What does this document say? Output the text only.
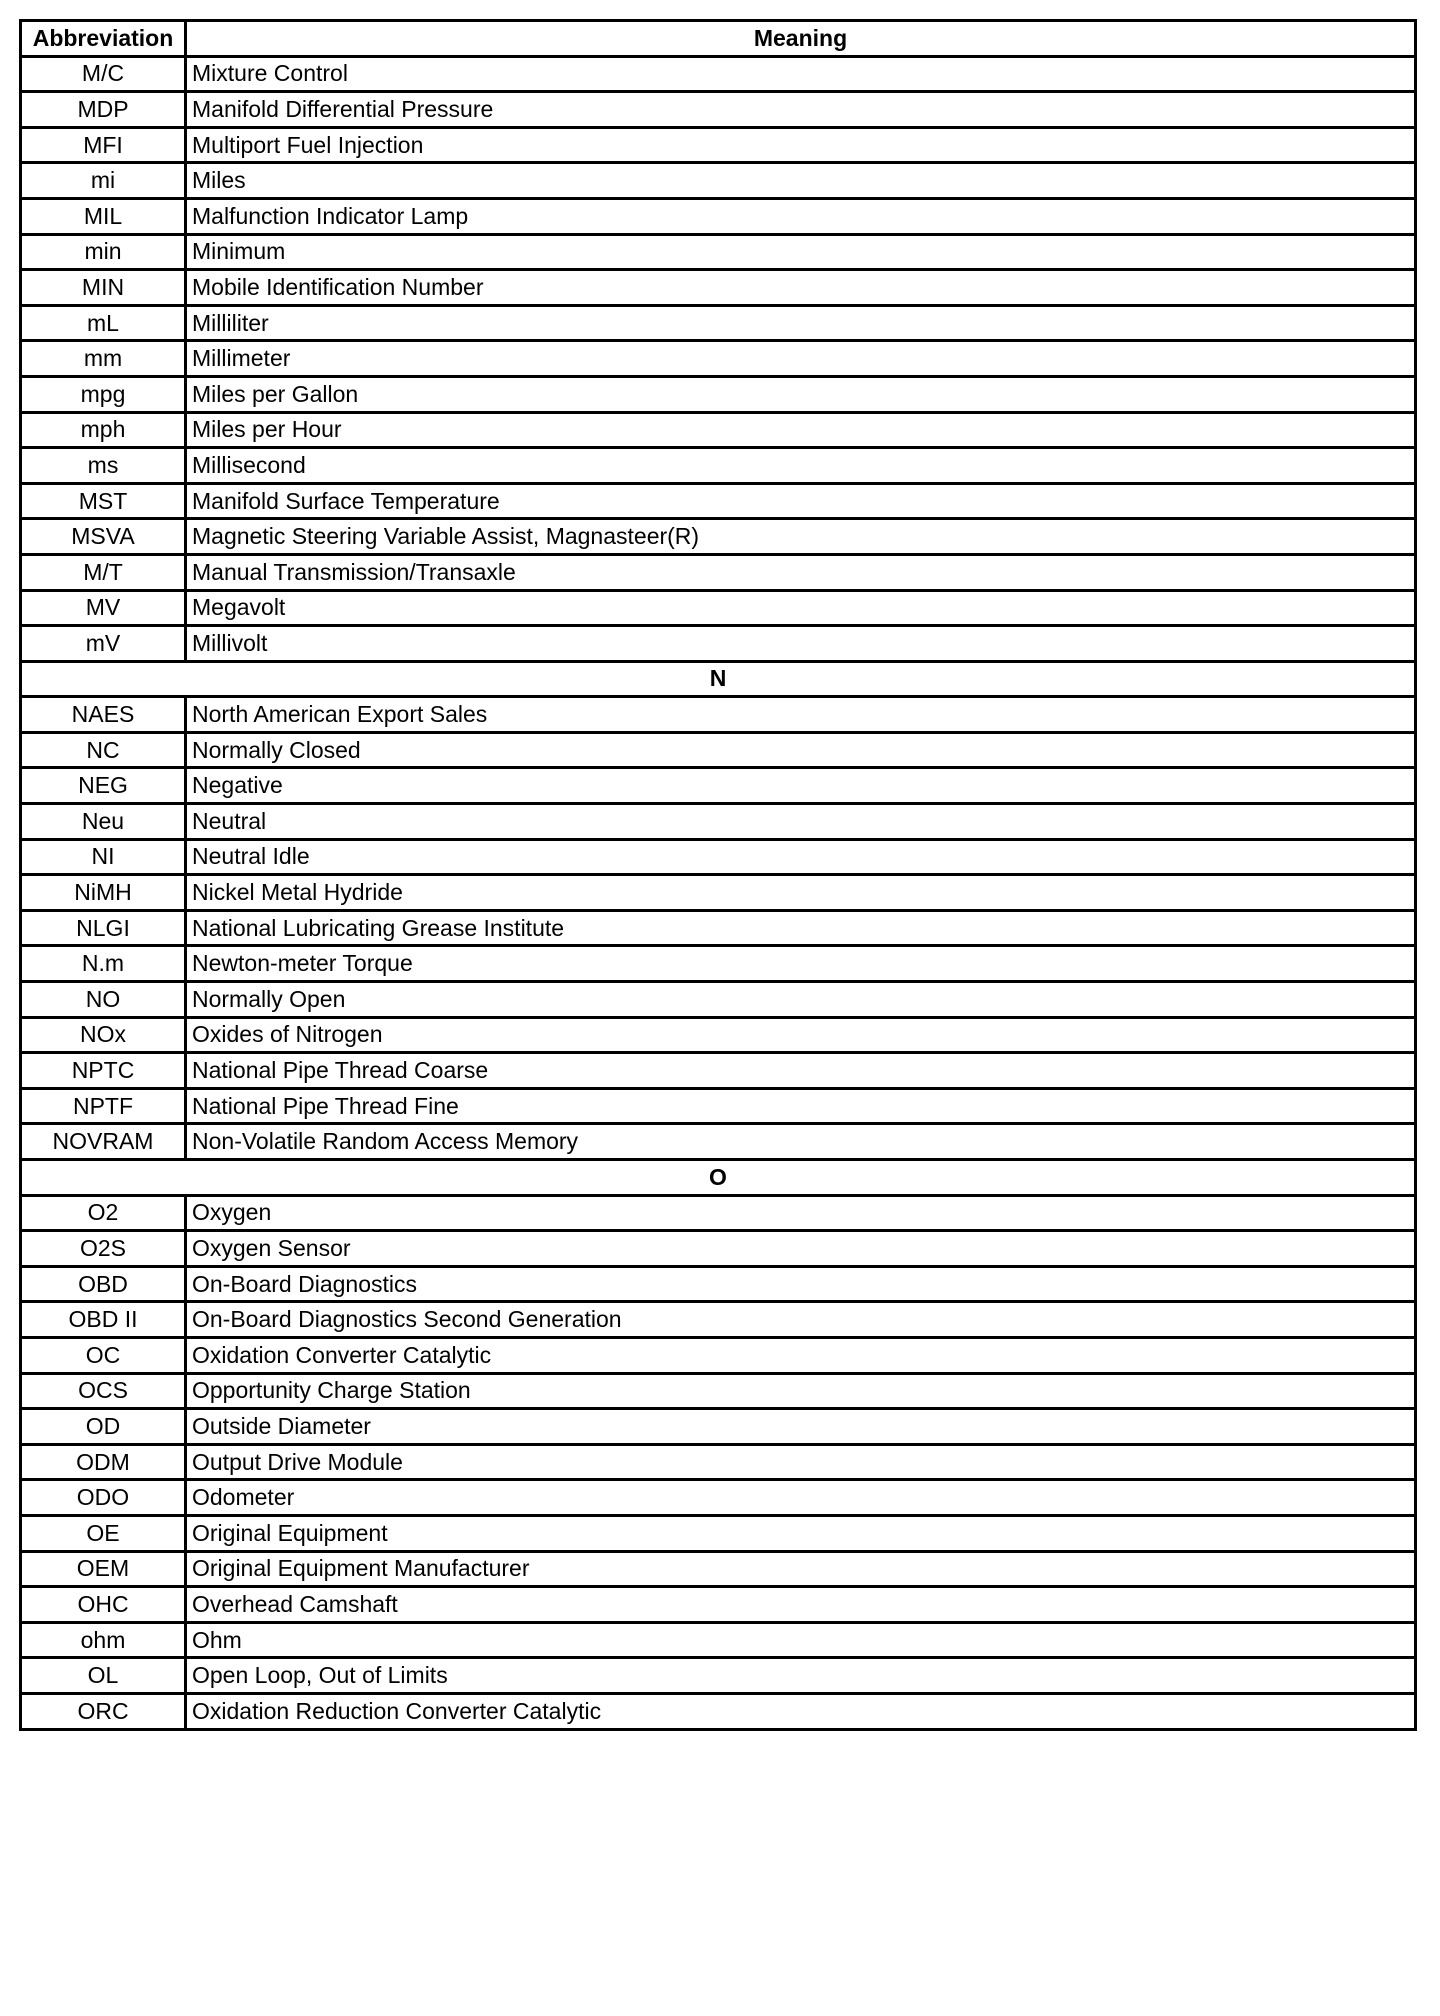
Abbreviation	Meaning
M/C	Mixture Control
MDP	Manifold Differential Pressure
MFI	Multiport Fuel Injection
mi	Miles
MIL	Malfunction Indicator Lamp
min	Minimum
MIN	Mobile Identification Number
mL	Milliliter
mm	Millimeter
mpg	Miles per Gallon
mph	Miles per Hour
ms	Millisecond
MST	Manifold Surface Temperature
MSVA	Magnetic Steering Variable Assist, Magnasteer(R)
M/T	Manual Transmission/Transaxle
MV	Megavolt
mV	Millivolt
N	
NAES	North American Export Sales
NC	Normally Closed
NEG	Negative
Neu	Neutral
NI	Neutral Idle
NiMH	Nickel Metal Hydride
NLGI	National Lubricating Grease Institute
N.m	Newton-meter Torque
NO	Normally Open
NOx	Oxides of Nitrogen
NPTC	National Pipe Thread Coarse
NPTF	National Pipe Thread Fine
NOVRAM	Non-Volatile Random Access Memory
O	
O2	Oxygen
O2S	Oxygen Sensor
OBD	On-Board Diagnostics
OBD II	On-Board Diagnostics Second Generation
OC	Oxidation Converter Catalytic
OCS	Opportunity Charge Station
OD	Outside Diameter
ODM	Output Drive Module
ODO	Odometer
OE	Original Equipment
OEM	Original Equipment Manufacturer
OHC	Overhead Camshaft
ohm	Ohm
OL	Open Loop, Out of Limits
ORC	Oxidation Reduction Converter Catalytic
